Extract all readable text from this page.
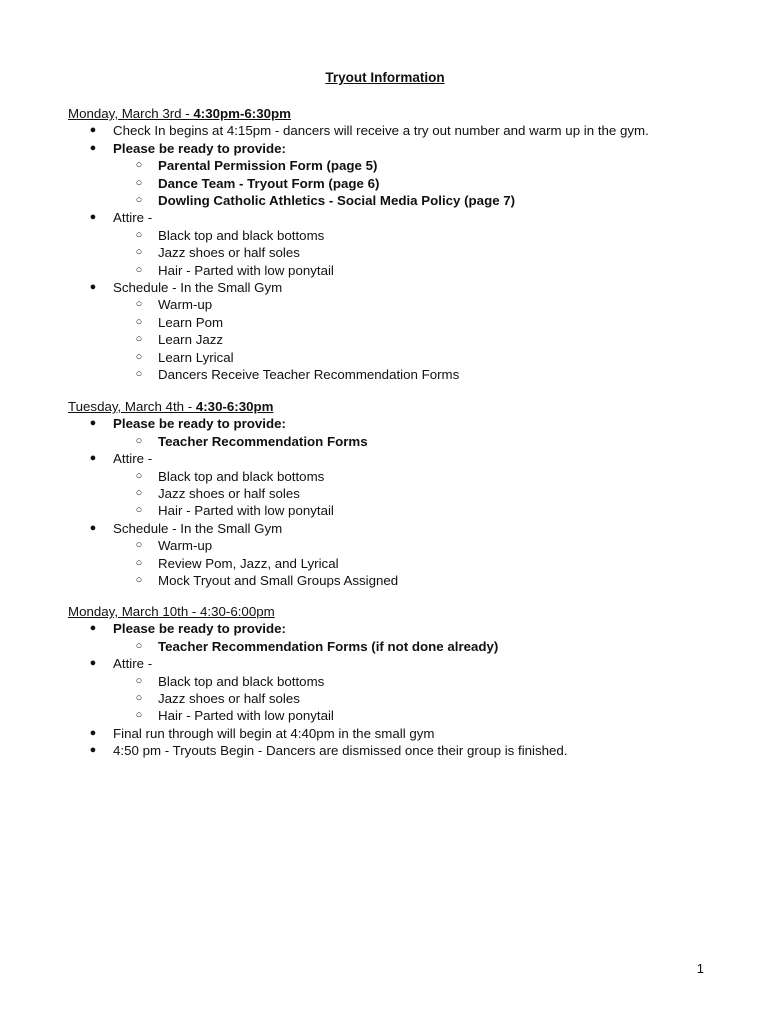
Tryout Information
Monday, March 3rd - 4:30pm-6:30pm
● Check In begins at 4:15pm - dancers will receive a try out number and warm up in the gym.
● Please be ready to provide:
○ Parental Permission Form (page 5)
○ Dance Team - Tryout Form (page 6)
○ Dowling Catholic Athletics - Social Media Policy (page 7)
● Attire -
○ Black top and black bottoms
○ Jazz shoes or half soles
○ Hair - Parted with low ponytail
● Schedule - In the Small Gym
○ Warm-up
○ Learn Pom
○ Learn Jazz
○ Learn Lyrical
○ Dancers Receive Teacher Recommendation Forms
Tuesday, March 4th - 4:30-6:30pm
● Please be ready to provide:
○ Teacher Recommendation Forms
● Attire -
○ Black top and black bottoms
○ Jazz shoes or half soles
○ Hair - Parted with low ponytail
● Schedule - In the Small Gym
○ Warm-up
○ Review Pom, Jazz, and Lyrical
○ Mock Tryout and Small Groups Assigned
Monday, March 10th - 4:30-6:00pm
● Please be ready to provide:
○ Teacher Recommendation Forms (if not done already)
● Attire -
○ Black top and black bottoms
○ Jazz shoes or half soles
○ Hair - Parted with low ponytail
● Final run through will begin at 4:40pm in the small gym
● 4:50 pm - Tryouts Begin - Dancers are dismissed once their group is finished.
1
